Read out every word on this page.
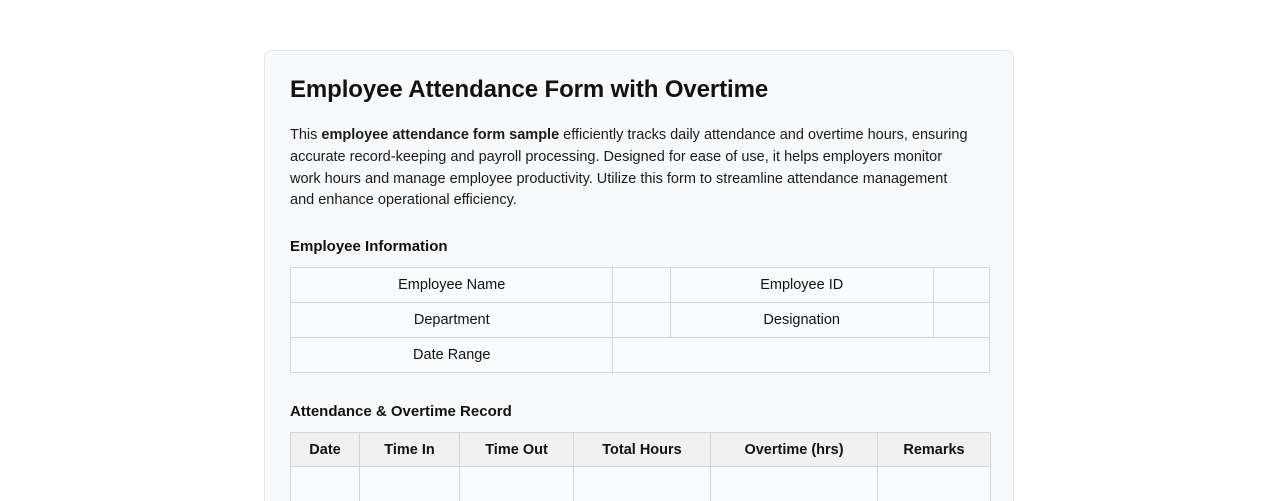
Employee Attendance Form with Overtime

This employee attendance form sample efficiently tracks daily attendance and overtime hours, ensuring accurate record-keeping and payroll processing. Designed for ease of use, it helps employers monitor work hours and manage employee productivity. Utilize this form to streamline attendance management and enhance operational efficiency.

Employee Information
Employee Name		Employee ID	
Department		Designation	
Date Range			
Attendance & Overtime Record
Date	Time In	Time Out	Total Hours	Overtime (hrs)	Remarks
